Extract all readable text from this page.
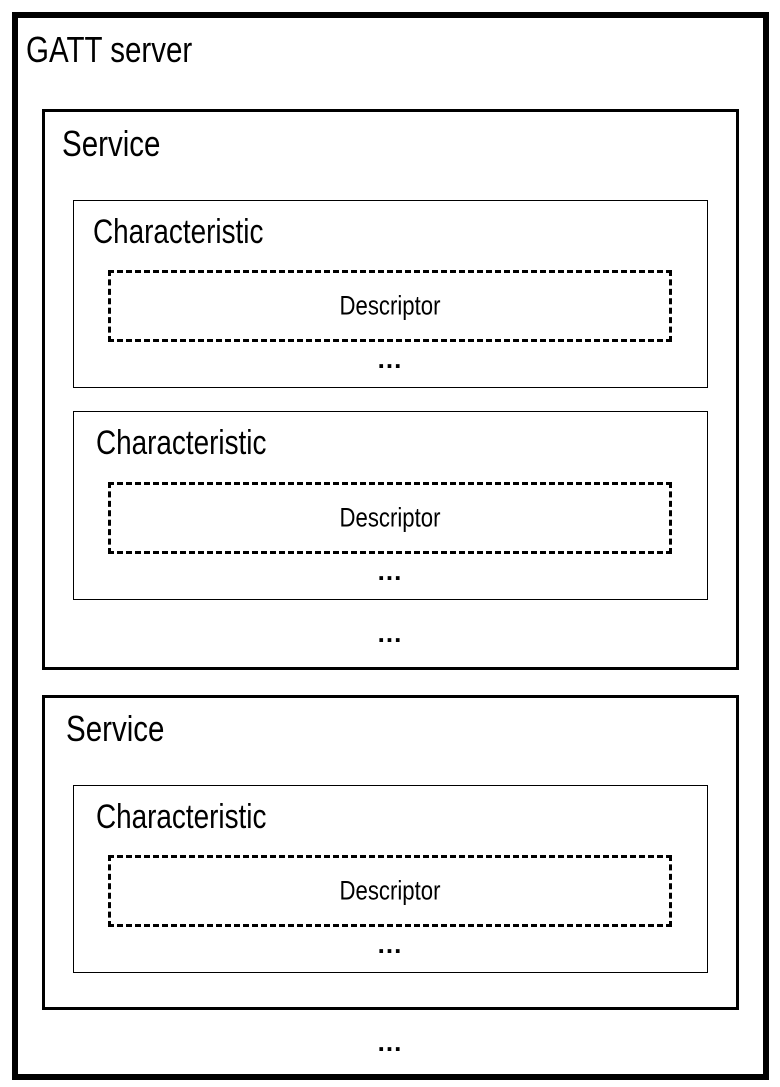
GATT server
Service
Characteristic
Descriptor
...
Characteristic
Descriptor
...
...
Service
Characteristic
Descriptor
...
...
